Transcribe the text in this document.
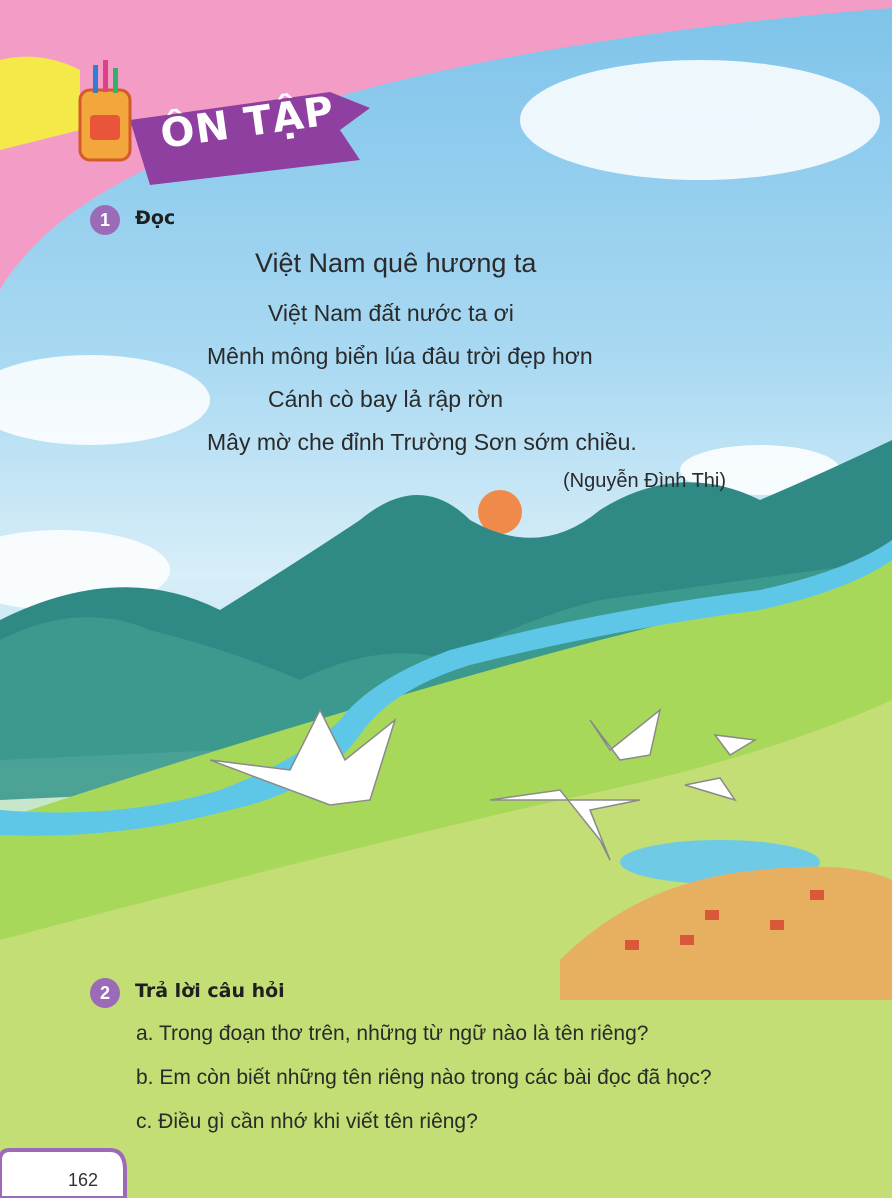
ÔN TẬP
1	Đọc
Việt Nam quê hương ta
Việt Nam đất nước ta ơi
Mênh mông biển lúa đâu trời đẹp hơn
Cánh cò bay lả rập rờn
Mây mờ che đỉnh Trường Sơn sớm chiều.
(Nguyễn Đình Thi)
2	Trả lời câu hỏi
a. Trong đoạn thơ trên, những từ ngữ nào là tên riêng?
b. Em còn biết những tên riêng nào trong các bài đọc đã học?
c. Điều gì cần nhớ khi viết tên riêng?
162
